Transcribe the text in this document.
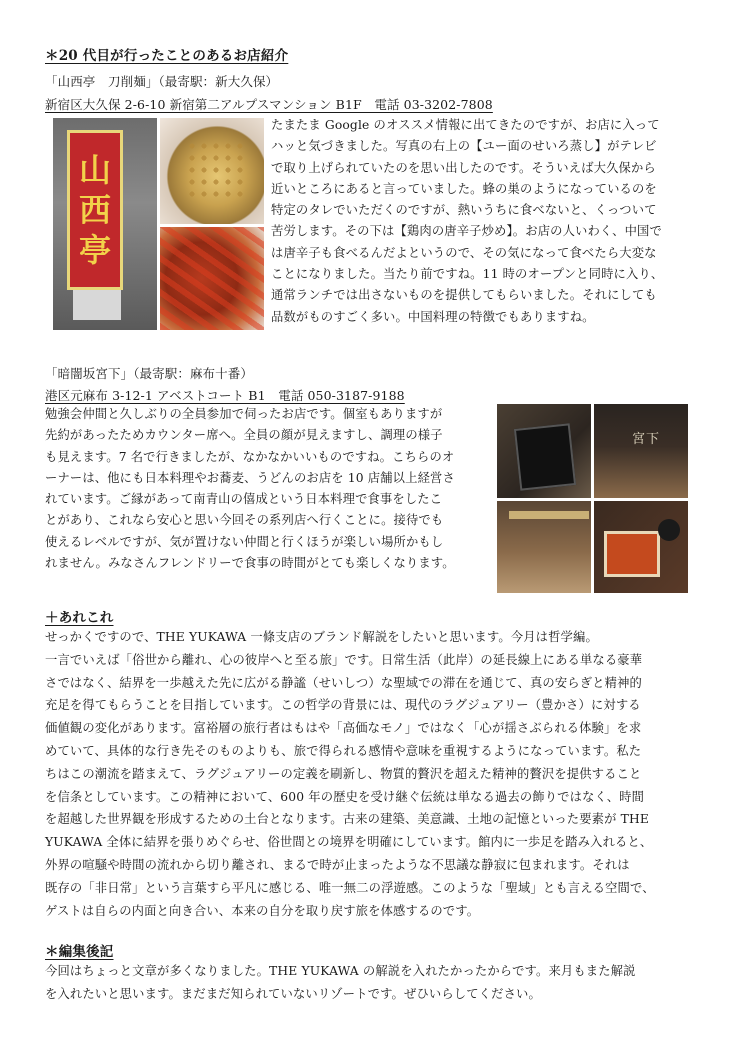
＊20 代目が行ったことのあるお店紹介
「山西亭　刀削麺」（最寄駅：新大久保）
新宿区大久保 2-6-10 新宿第二アルプスマンション B1F　電話 03-3202-7808
山
西
亭

たまたま Google のオススメ情報に出てきたのですが、お店に入って

ハッと気づきました。写真の右上の【ユー面のせいろ蒸し】がテレビ

で取り上げられていたのを思い出したのです。そういえば大久保から

近いところにあると言っていました。蜂の巣のようになっているのを

特定のタレでいただくのですが、熱いうちに食べないと、くっついて

苦労します。その下は【鶏肉の唐辛子炒め】。お店の人いわく、中国で

は唐辛子も食べるんだよというので、その気になって食べたら大変な

ことになりました。当たり前ですね。11 時のオープンと同時に入り、

通常ランチでは出さないものを提供してもらいました。それにしても

品数がものすごく多い。中国料理の特徴でもありますね。

「暗闇坂宮下」（最寄駅：麻布十番）
港区元麻布 3-12-1 アベストコート B1　電話 050-3187-9188

勉強会仲間と久しぶりの全員参加で伺ったお店です。個室もありますが

先約があったためカウンター席へ。全員の顔が見えますし、調理の様子

も見えます。7 名で行きましたが、なかなかいいものですね。こちらのオ

ーナーは、他にも日本料理やお蕎麦、うどんのお店を 10 店舗以上経営さ

れています。ご縁があって南青山の僖成という日本料理で食事をしたこ

とがあり、これなら安心と思い今回その系列店へ行くことに。接待でも

使えるレベルですが、気が置けない仲間と行くほうが楽しい場所かもし

れません。みなさんフレンドリーで食事の時間がとても楽しくなります。

宮下
＋あれこれ

せっかくですので、THE YUKAWA 一條支店のブランド解説をしたいと思います。今月は哲学編。

一言でいえば「俗世から離れ、心の彼岸へと至る旅」です。日常生活（此岸）の延長線上にある単なる豪華

さではなく、結界を一歩越えた先に広がる静謐（せいしつ）な聖域での滞在を通じて、真の安らぎと精神的

充足を得てもらうことを目指しています。この哲学の背景には、現代のラグジュアリー（豊かさ）に対する

価値観の変化があります。富裕層の旅行者はもはや「高価なモノ」ではなく「心が揺さぶられる体験」を求

めていて、具体的な行き先そのものよりも、旅で得られる感情や意味を重視するようになっています。私た

ちはこの潮流を踏まえて、ラグジュアリーの定義を刷新し、物質的贅沢を超えた精神的贅沢を提供すること

を信条としています。この精神において、600 年の歴史を受け継ぐ伝統は単なる過去の飾りではなく、時間

を超越した世界観を形成するための土台となります。古来の建築、美意識、土地の記憶といった要素が THE

YUKAWA 全体に結界を張りめぐらせ、俗世間との境界を明確にしています。館内に一歩足を踏み入れると、

外界の喧騒や時間の流れから切り離され、まるで時が止まったような不思議な静寂に包まれます。それは

既存の「非日常」という言葉すら平凡に感じる、唯一無二の浮遊感。このような「聖域」とも言える空間で、

ゲストは自らの内面と向き合い、本来の自分を取り戻す旅を体感するのです。

＊編集後記

今回はちょっと文章が多くなりました。THE YUKAWA の解説を入れたかったからです。来月もまた解説

を入れたいと思います。まだまだ知られていないリゾートです。ぜひいらしてください。
